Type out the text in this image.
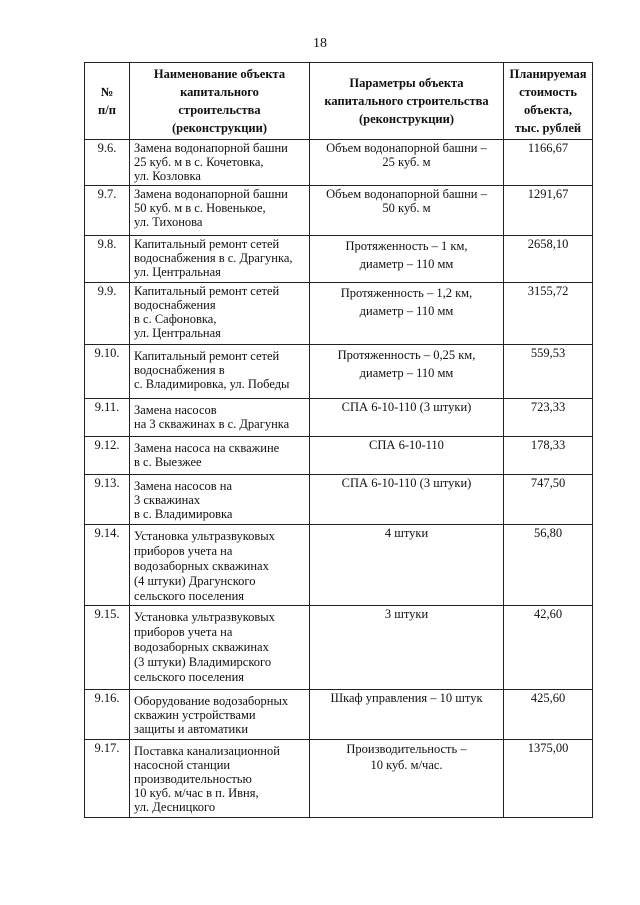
18
№
п/п	Наименование объекта
капитального
строительства
(реконструкции)	Параметры объекта
капитального строительства
(реконструкции)	Планируемая
стоимость
объекта,
тыс. рублей
9.6.	Замена водонапорной башни
25 куб. м в с. Кочетовка,
ул. Козловка	Объем водонапорной башни –
25 куб. м	1166,67
9.7.	Замена водонапорной башни
50 куб. м в с. Новенькое,
ул. Тихонова	Объем водонапорной башни –
50 куб. м	1291,67
9.8.	Капитальный ремонт сетей
водоснабжения в с. Драгунка,
ул. Центральная	Протяженность – 1 км,
диаметр – 110 мм	2658,10
9.9.	Капитальный ремонт сетей
водоснабжения
в с. Сафоновка,
ул. Центральная	Протяженность – 1,2 км,
диаметр – 110 мм	3155,72
9.10.	Капитальный ремонт сетей
водоснабжения в
с. Владимировка, ул. Победы	Протяженность – 0,25 км,
диаметр – 110 мм	559,53
9.11.	Замена насосов
на 3 скважинах в с. Драгунка	СПА 6-10-110 (3 штуки)	723,33
9.12.	Замена насоса на скважине
в с. Выезжее	СПА 6-10-110	178,33
9.13.	Замена насосов на
3 скважинах
в с. Владимировка	СПА 6-10-110 (3 штуки)	747,50
9.14.	Установка ультразвуковых
приборов учета на
водозаборных скважинах
(4 штуки) Драгунского
сельского поселения	4 штуки	56,80
9.15.	Установка ультразвуковых
приборов учета на
водозаборных скважинах
(3 штуки) Владимирского
сельского поселения	3 штуки	42,60
9.16.	Оборудование водозаборных
скважин устройствами
защиты и автоматики	Шкаф управления – 10 штук	425,60
9.17.	Поставка канализационной
насосной станции
производительностью
10 куб. м/час в п. Ивня,
ул. Десницкого	Производительность –
10 куб. м/час.	1375,00
